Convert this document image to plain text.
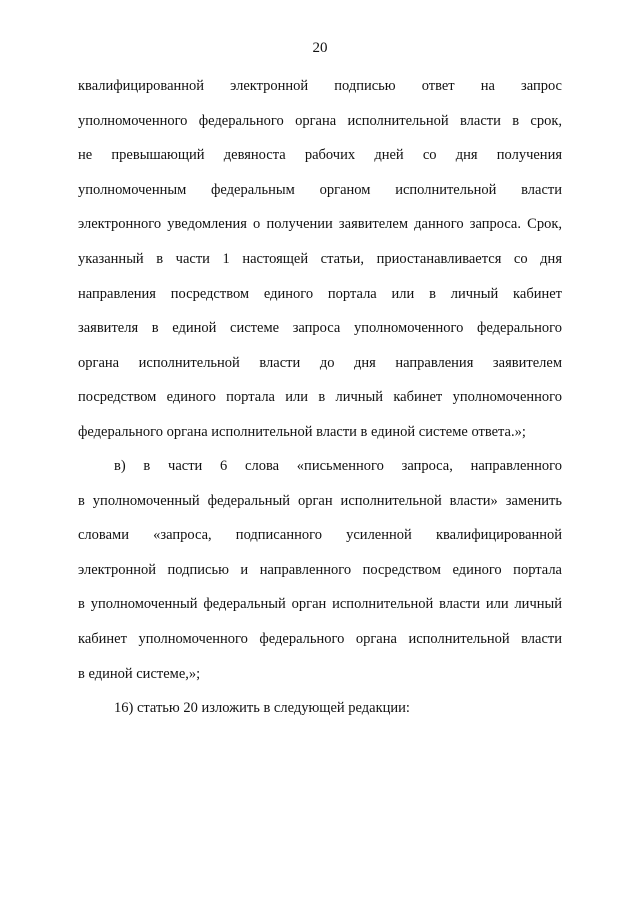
20
квалифицированной электронной подписью ответ на запрос
уполномоченного федерального органа исполнительной власти в срок,
не превышающий девяноста рабочих дней со дня получения
уполномоченным федеральным органом исполнительной власти
электронного уведомления о получении заявителем данного запроса. Срок,
указанный в части 1 настоящей статьи, приостанавливается со дня
направления посредством единого портала или в личный кабинет
заявителя в единой системе запроса уполномоченного федерального
органа исполнительной власти до дня направления заявителем
посредством единого портала или в личный кабинет уполномоченного
федерального органа исполнительной власти в единой системе ответа.»;
в) в части 6 слова «письменного запроса, направленного
в уполномоченный федеральный орган исполнительной власти» заменить
словами «запроса, подписанного усиленной квалифицированной
электронной подписью и направленного посредством единого портала
в уполномоченный федеральный орган исполнительной власти или личный
кабинет уполномоченного федерального органа исполнительной власти
в единой системе,»;
16) статью 20 изложить в следующей редакции:
